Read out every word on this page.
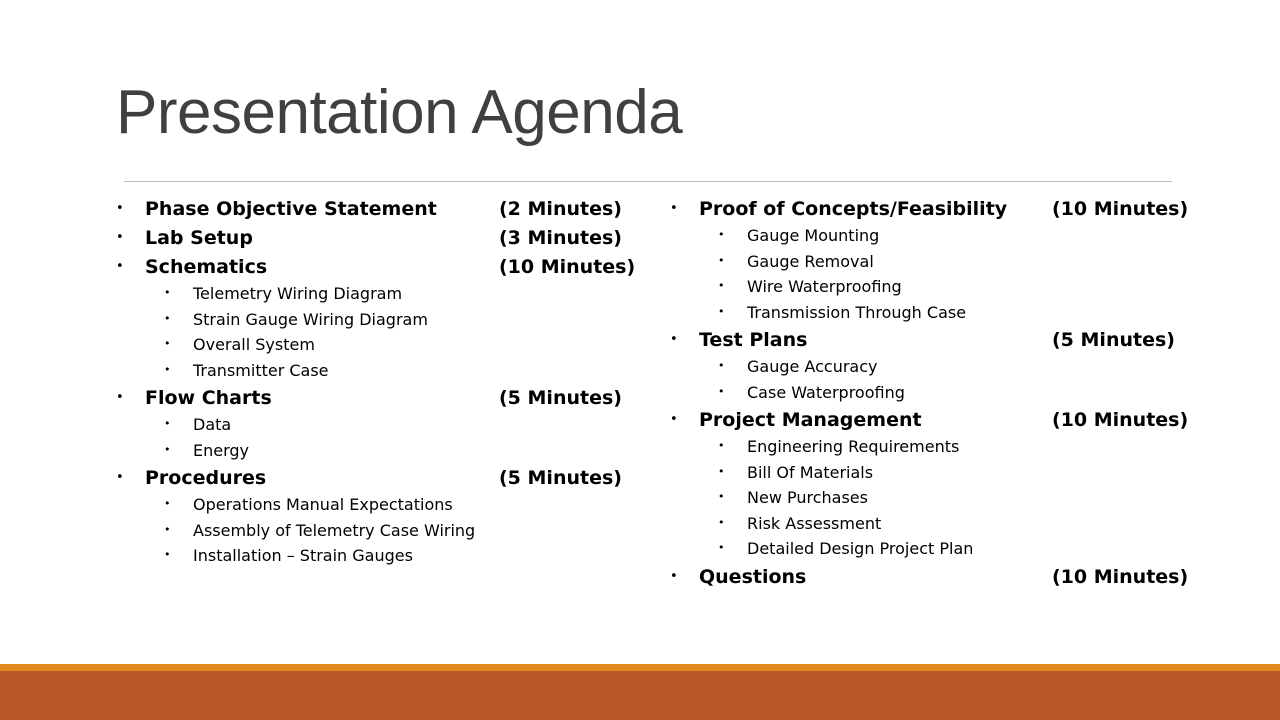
Presentation Agenda
• Phase Objective Statement	(2 Minutes)
• Lab Setup	(3 Minutes)
• Schematics	(10 Minutes)
• Telemetry Wiring Diagram
• Strain Gauge Wiring Diagram
• Overall System
• Transmitter Case
• Flow Charts	(5 Minutes)
• Data
• Energy
• Procedures	(5 Minutes)
• Operations Manual Expectations
• Assembly of Telemetry Case Wiring
• Installation – Strain Gauges
• Proof of Concepts/Feasibility (10 Minutes)
• Gauge Mounting
• Gauge Removal
• Wire Waterproofing
• Transmission Through Case
• Test Plans	(5 Minutes)
• Gauge Accuracy
• Case Waterproofing
• Project Management	(10 Minutes)
• Engineering Requirements
• Bill Of Materials
• New Purchases
• Risk Assessment
• Detailed Design Project Plan
• Questions	(10 Minutes)
